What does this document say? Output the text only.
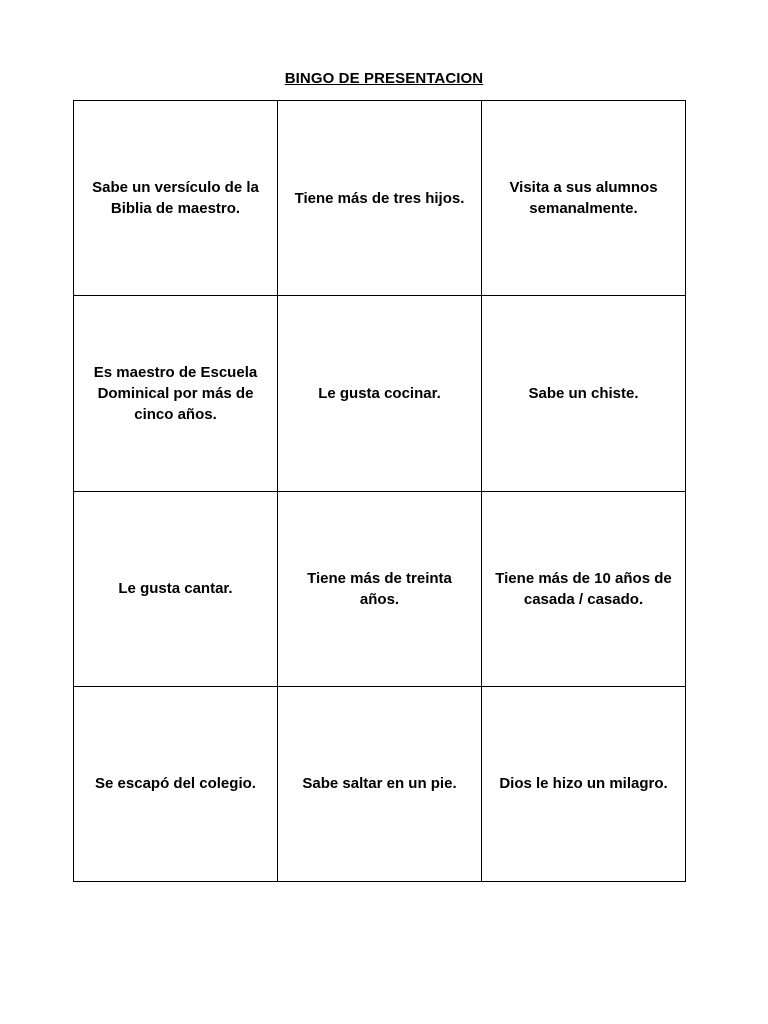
BINGO DE PRESENTACION
Sabe un versículo de la Biblia de maestro.	Tiene más de tres hijos.	Visita a sus alumnos semanalmente.
Es maestro de Escuela Dominical por más de cinco años.	Le gusta cocinar.	Sabe un chiste.
Le gusta cantar.	Tiene más de treinta años.	Tiene más de 10 años de casada / casado.
Se escapó del colegio.	Sabe saltar en un pie.	Dios le hizo un milagro.
